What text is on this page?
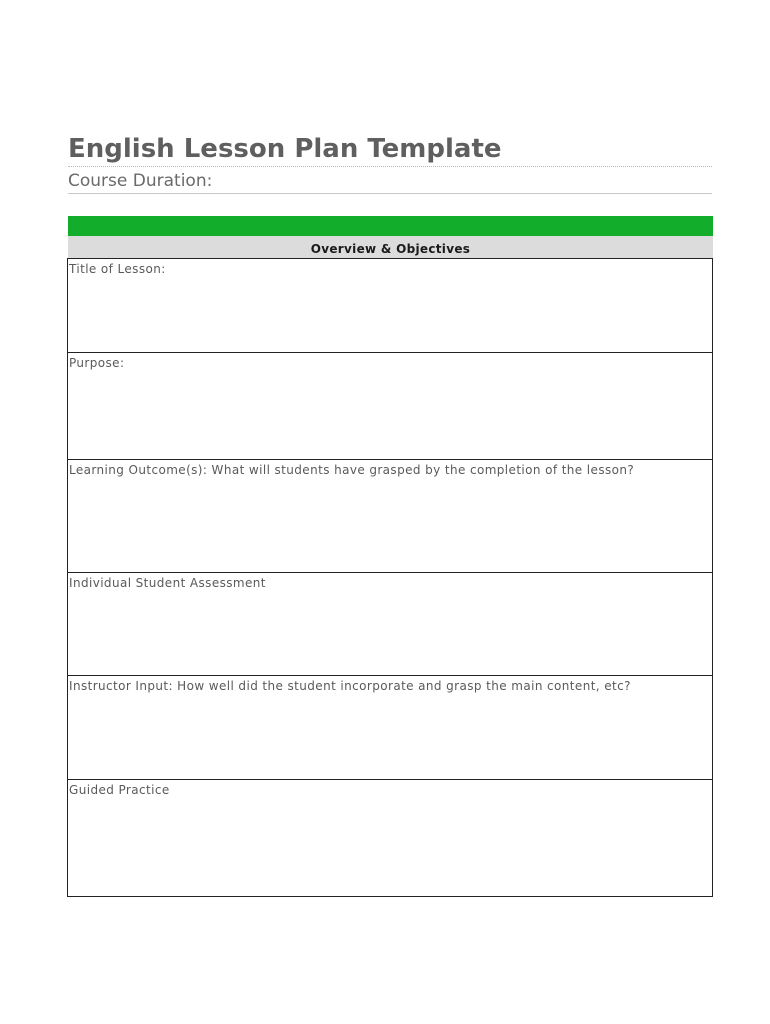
English Lesson Plan Template
Course Duration:
Overview & Objectives
Title of Lesson:
Purpose:
Learning Outcome(s): What will students have grasped by the completion of the lesson?
Individual Student Assessment
Instructor Input: How well did the student incorporate and grasp the main content, etc?
Guided Practice
